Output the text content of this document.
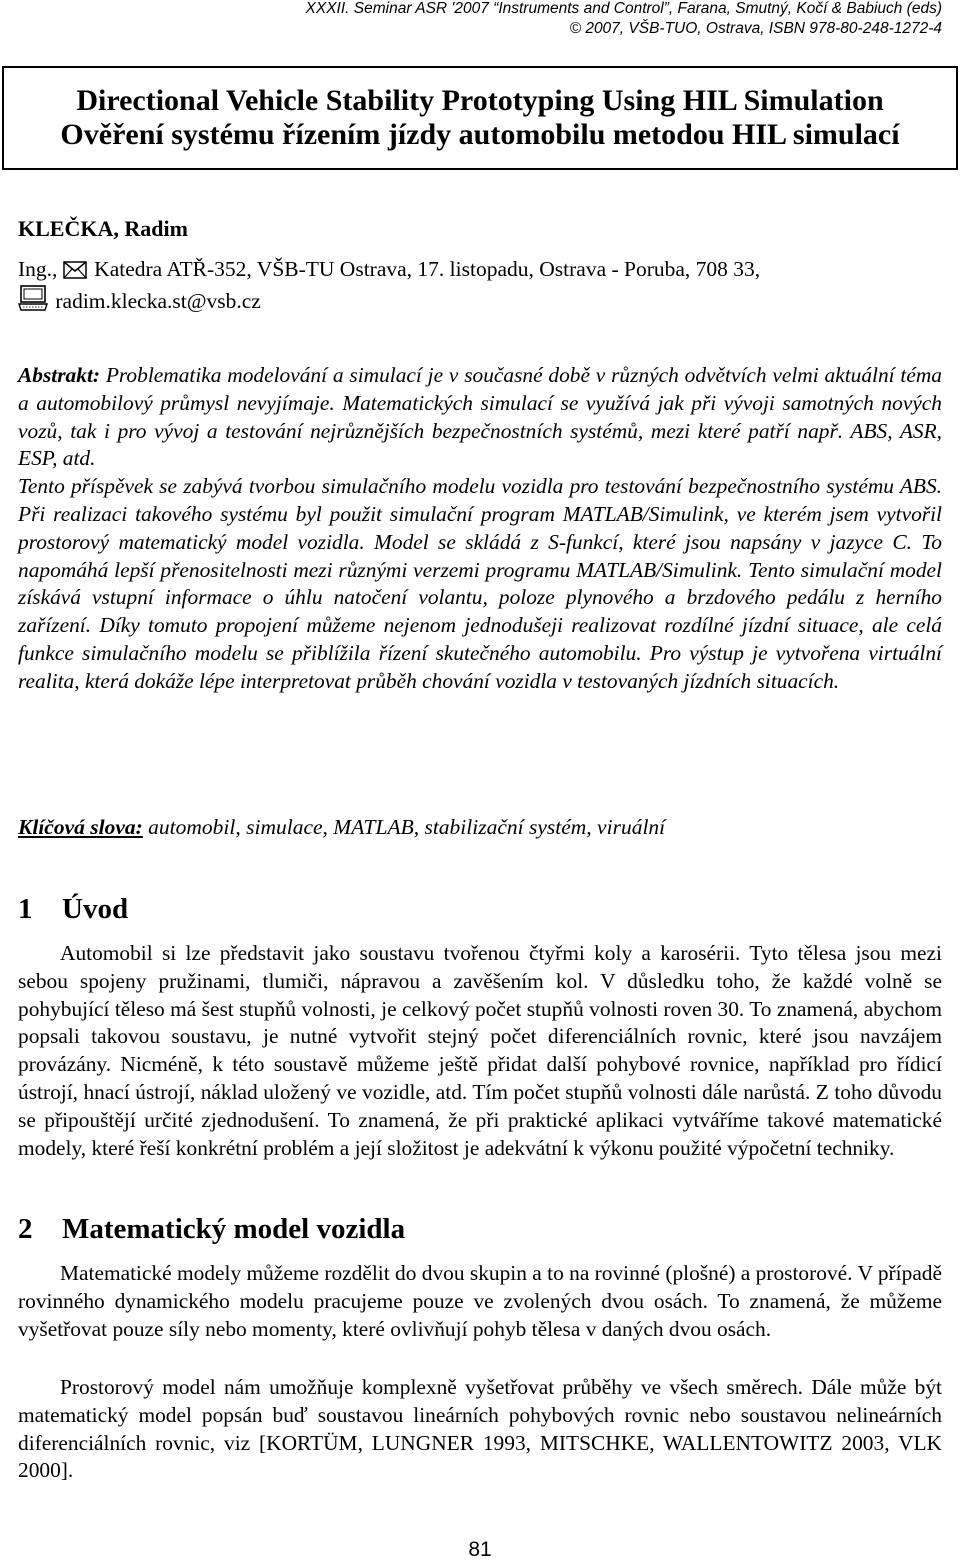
XXXII. Seminar ASR '2007 “Instruments and Control”, Farana, Smutný, Kočí & Babiuch (eds)
© 2007, VŠB-TUO, Ostrava, ISBN 978-80-248-1272-4
Directional Vehicle Stability Prototyping Using HIL Simulation
Ověření systému řízením jízdy automobilu metodou HIL simulací
KLEČKA, Radim
Ing., Katedra ATŘ-352, VŠB-TU Ostrava, 17. listopadu, Ostrava - Poruba, 708 33,
radim.klecka.st@vsb.cz
Abstrakt: Problematika modelování a simulací je v současné době v různých odvětvích velmi aktuální téma a automobilový průmysl nevyjímaje. Matematických simulací se využívá jak při vývoji samotných nových vozů, tak i pro vývoj a testování nejrůznějších bezpečnostních systémů, mezi které patří např. ABS, ASR, ESP, atd.
Tento příspěvek se zabývá tvorbou simulačního modelu vozidla pro testování bezpečnostního systému ABS. Při realizaci takového systému byl použit simulační program MATLAB/Simulink, ve kterém jsem vytvořil prostorový matematický model vozidla. Model se skládá z S-funkcí, které jsou napsány v jazyce C. To napomáhá lepší přenositelnosti mezi různými verzemi programu MATLAB/Simulink. Tento simulační model získává vstupní informace o úhlu natočení volantu, poloze plynového a brzdového pedálu z herního zařízení. Díky tomuto propojení můžeme nejenom jednodušeji realizovat rozdílné jízdní situace, ale celá funkce simulačního modelu se přiblížila řízení skutečného automobilu. Pro výstup je vytvořena virtuální realita, která dokáže lépe interpretovat průběh chování vozidla v testovaných jízdních situacích.
Klíčová slova: automobil, simulace, MATLAB, stabilizační systém, viruální
1 Úvod
Automobil si lze představit jako soustavu tvořenou čtyřmi koly a karosérii. Tyto tělesa jsou mezi sebou spojeny pružinami, tlumiči, nápravou a zavěšením kol. V důsledku toho, že každé volně se pohybující těleso má šest stupňů volnosti, je celkový počet stupňů volnosti roven 30. To znamená, abychom popsali takovou soustavu, je nutné vytvořit stejný počet diferenciálních rovnic, které jsou navzájem provázány. Nicméně, k této soustavě můžeme ještě přidat další pohybové rovnice, například pro řídicí ústrojí, hnací ústrojí, náklad uložený ve vozidle, atd. Tím počet stupňů volnosti dále narůstá. Z toho důvodu se připouštějí určité zjednodušení. To znamená, že při praktické aplikaci vytváříme takové matematické modely, které řeší konkrétní problém a její složitost je adekvátní k výkonu použité výpočetní techniky.
2 Matematický model vozidla
Matematické modely můžeme rozdělit do dvou skupin a to na rovinné (plošné) a prostorové. V případě rovinného dynamického modelu pracujeme pouze ve zvolených dvou osách. To znamená, že můžeme vyšetřovat pouze síly nebo momenty, které ovlivňují pohyb tělesa v daných dvou osách.
Prostorový model nám umožňuje komplexně vyšetřovat průběhy ve všech směrech. Dále může být matematický model popsán buď soustavou lineárních pohybových rovnic nebo soustavou nelineárních diferenciálních rovnic, viz [KORTÜM, LUNGNER 1993, MITSCHKE, WALLENTOWITZ 2003, VLK 2000].
81
